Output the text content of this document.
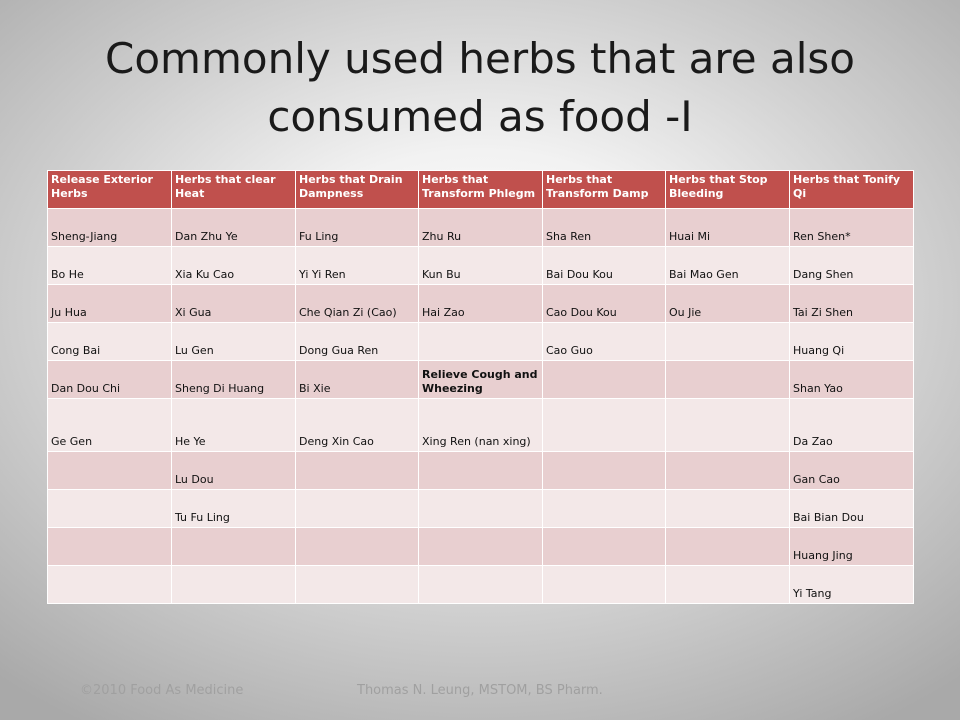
Commonly used herbs that are also
consumed as food -I
Release Exterior Herbs	Herbs that clear Heat	Herbs that Drain Dampness	Herbs that Transform Phlegm	Herbs that Transform Damp	Herbs that Stop Bleeding	Herbs that Tonify Qi
Sheng-Jiang	Dan Zhu Ye	Fu Ling	Zhu Ru	Sha Ren	Huai Mi	Ren Shen*
Bo He	Xia Ku Cao	Yi Yi Ren	Kun Bu	Bai Dou Kou	Bai Mao Gen	Dang Shen
Ju Hua	Xi Gua	Che Qian Zi (Cao)	Hai Zao	Cao Dou Kou	Ou Jie	Tai Zi Shen
Cong Bai	Lu Gen	Dong Gua Ren		Cao Guo		Huang Qi
Dan Dou Chi	Sheng Di Huang	Bi Xie	Relieve Cough and Wheezing			Shan Yao
Ge Gen	He Ye	Deng Xin Cao	Xing Ren (nan xing)			Da Zao
	Lu Dou					Gan Cao
	Tu Fu Ling					Bai Bian Dou
						Huang Jing
						Yi Tang
©2010 Food As Medicine	Thomas N. Leung, MSTOM, BS Pharm.
